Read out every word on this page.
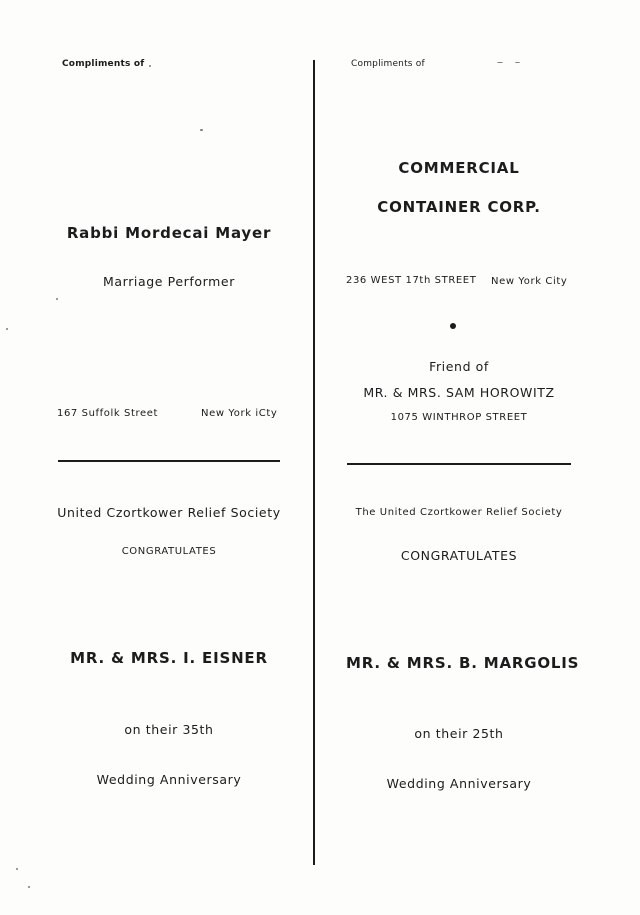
Compliments of
Rabbi Mordecai Mayer
Marriage Performer
167 Suffolk Street	New York iCty
United Czortkower Relief Society
CONGRATULATES
MR. & MRS. I. EISNER
on their 35th
Wedding Anniversary
Compliments of
COMMERCIAL
CONTAINER CORP.
236 WEST 17th STREET New York City
Friend of
MR. & MRS. SAM HOROWITZ
1075 WINTHROP STREET
The United Czortkower Relief Society
CONGRATULATES
MR. & MRS. B. MARGOLIS
on their 25th
Wedding Anniversary
